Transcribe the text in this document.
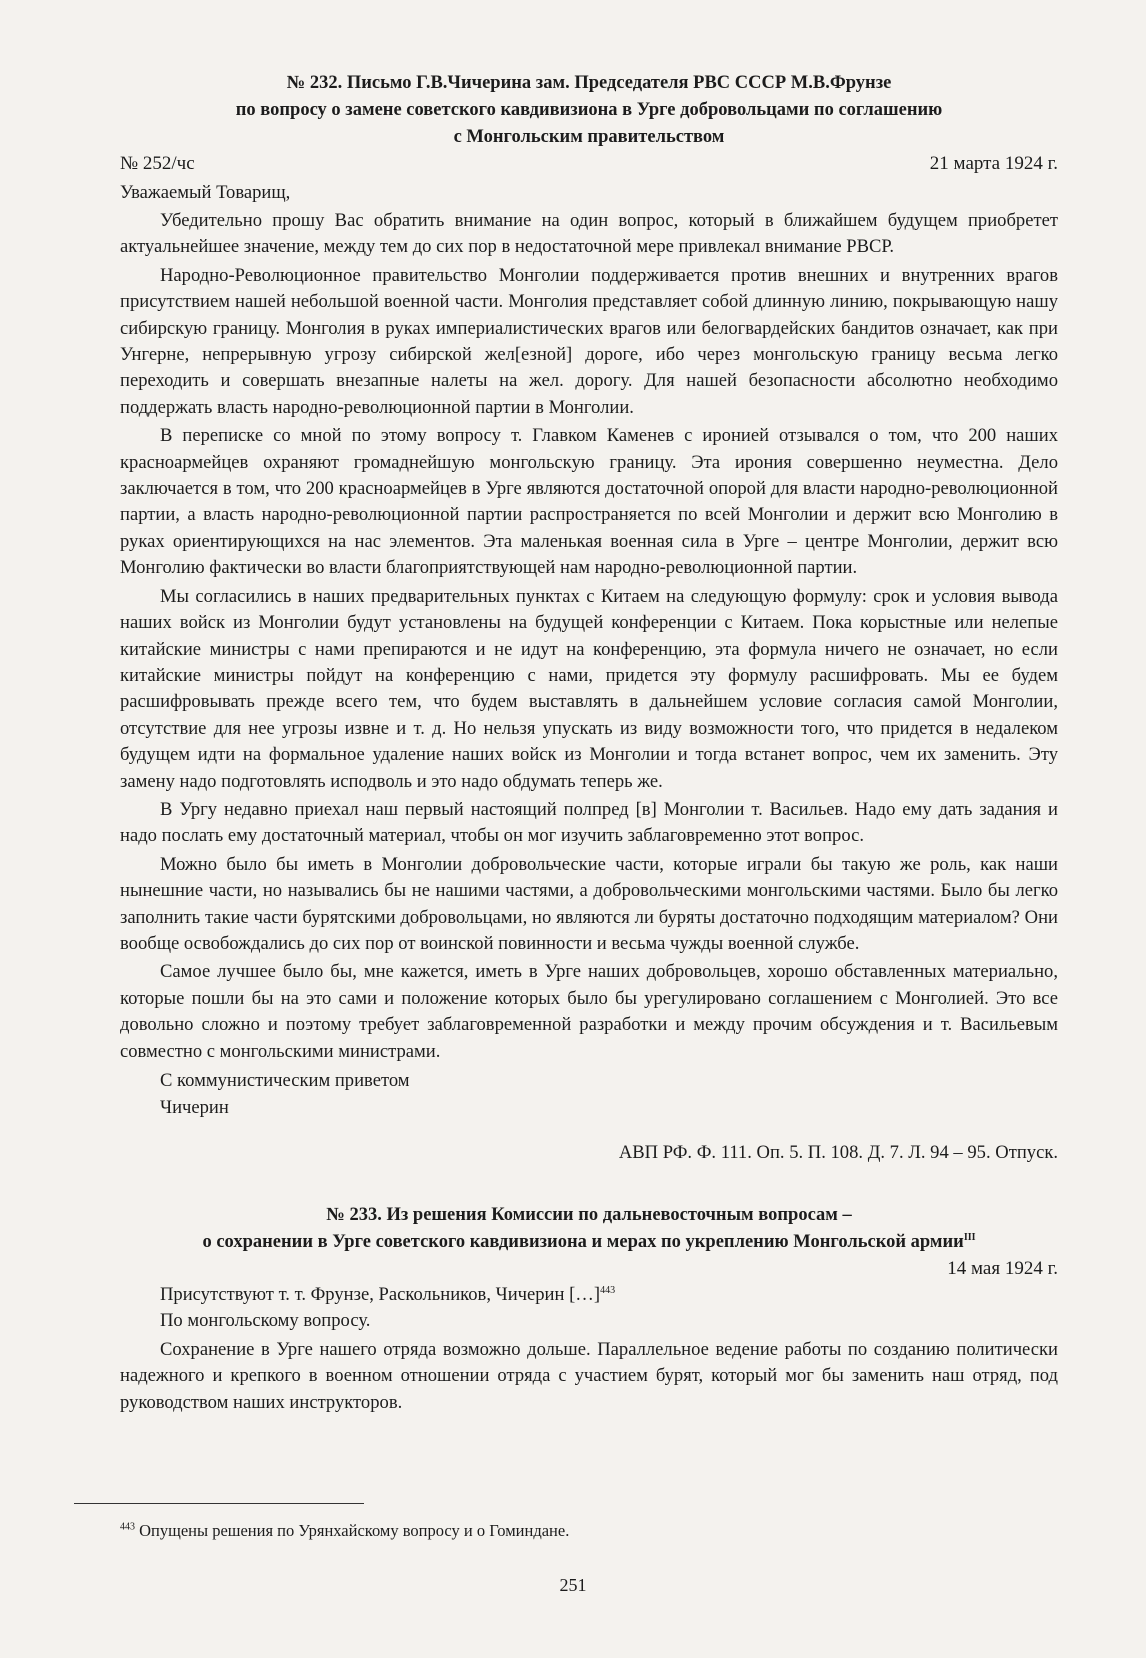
№ 232. Письмо Г.В.Чичерина зам. Председателя РВС СССР М.В.Фрунзе
по вопросу о замене советского кавдивизиона в Урге добровольцами по соглашению
с Монгольским правительством
№ 252/чс	21 марта 1924 г.

Уважаемый Товарищ,

Убедительно прошу Вас обратить внимание на один вопрос, который в ближайшем будущем приобретет актуальнейшее значение, между тем до сих пор в недостаточной мере привлекал внимание РВСР.

Народно-Революционное правительство Монголии поддерживается против внешних и внутренних врагов присутствием нашей небольшой военной части. Монголия представляет собой длинную линию, покрывающую нашу сибирскую границу. Монголия в руках империалистических врагов или белогвардейских бандитов означает, как при Унгерне, непрерывную угрозу сибирской жел[езной] дороге, ибо через монгольскую границу весьма легко переходить и совершать внезапные налеты на жел. дорогу. Для нашей безопасности абсолютно необходимо поддержать власть народно-революционной партии в Монголии.

В переписке со мной по этому вопросу т. Главком Каменев с иронией отзывался о том, что 200 наших красноармейцев охраняют громаднейшую монгольскую границу. Эта ирония совершенно неуместна. Дело заключается в том, что 200 красноармейцев в Урге являются достаточной опорой для власти народно-революционной партии, а власть народно-революционной партии распространяется по всей Монголии и держит всю Монголию в руках ориентирующихся на нас элементов. Эта маленькая военная сила в Урге – центре Монголии, держит всю Монголию фактически во власти благоприятствующей нам народно-революционной партии.

Мы согласились в наших предварительных пунктах с Китаем на следующую формулу: срок и условия вывода наших войск из Монголии будут установлены на будущей конференции с Китаем. Пока корыстные или нелепые китайские министры с нами препираются и не идут на конференцию, эта формула ничего не означает, но если китайские министры пойдут на конференцию с нами, придется эту формулу расшифровать. Мы ее будем расшифровывать прежде всего тем, что будем выставлять в дальнейшем условие согласия самой Монголии, отсутствие для нее угрозы извне и т. д. Но нельзя упускать из виду возможности того, что придется в недалеком будущем идти на формальное удаление наших войск из Монголии и тогда встанет вопрос, чем их заменить. Эту замену надо подготовлять исподволь и это надо обдумать теперь же.

В Ургу недавно приехал наш первый настоящий полпред [в] Монголии т. Васильев. Надо ему дать задания и надо послать ему достаточный материал, чтобы он мог изучить заблаговременно этот вопрос.

Можно было бы иметь в Монголии добровольческие части, которые играли бы такую же роль, как наши нынешние части, но назывались бы не нашими частями, а добровольческими монгольскими частями. Было бы легко заполнить такие части бурятскими добровольцами, но являются ли буряты достаточно подходящим материалом? Они вообще освобождались до сих пор от воинской повинности и весьма чужды военной службе.

Самое лучшее было бы, мне кажется, иметь в Урге наших добровольцев, хорошо обставленных материально, которые пошли бы на это сами и положение которых было бы урегулировано соглашением с Монголией. Это все довольно сложно и поэтому требует заблаговременной разработки и между прочим обсуждения и т. Васильевым совместно с монгольскими министрами.

С коммунистическим приветом

Чичерин

АВП РФ. Ф. 111. Оп. 5. П. 108. Д. 7. Л. 94 – 95. Отпуск.

№ 233. Из решения Комиссии по дальневосточным вопросам –
о сохранении в Урге советского кавдивизиона и мерах по укреплению Монгольской армии$^{III}$
14 мая 1924 г.

Присутствуют т. т. Фрунзе, Раскольников, Чичерин […]$^{443}$

По монгольскому вопросу.

Сохранение в Урге нашего отряда возможно дольше. Параллельное ведение работы по созданию политически надежного и крепкого в военном отношении отряда с участием бурят, который мог бы заменить наш отряд, под руководством наших инструкторов.

$^{443}$ Опущены решения по Урянхайскому вопросу и о Гоминдане.
251
